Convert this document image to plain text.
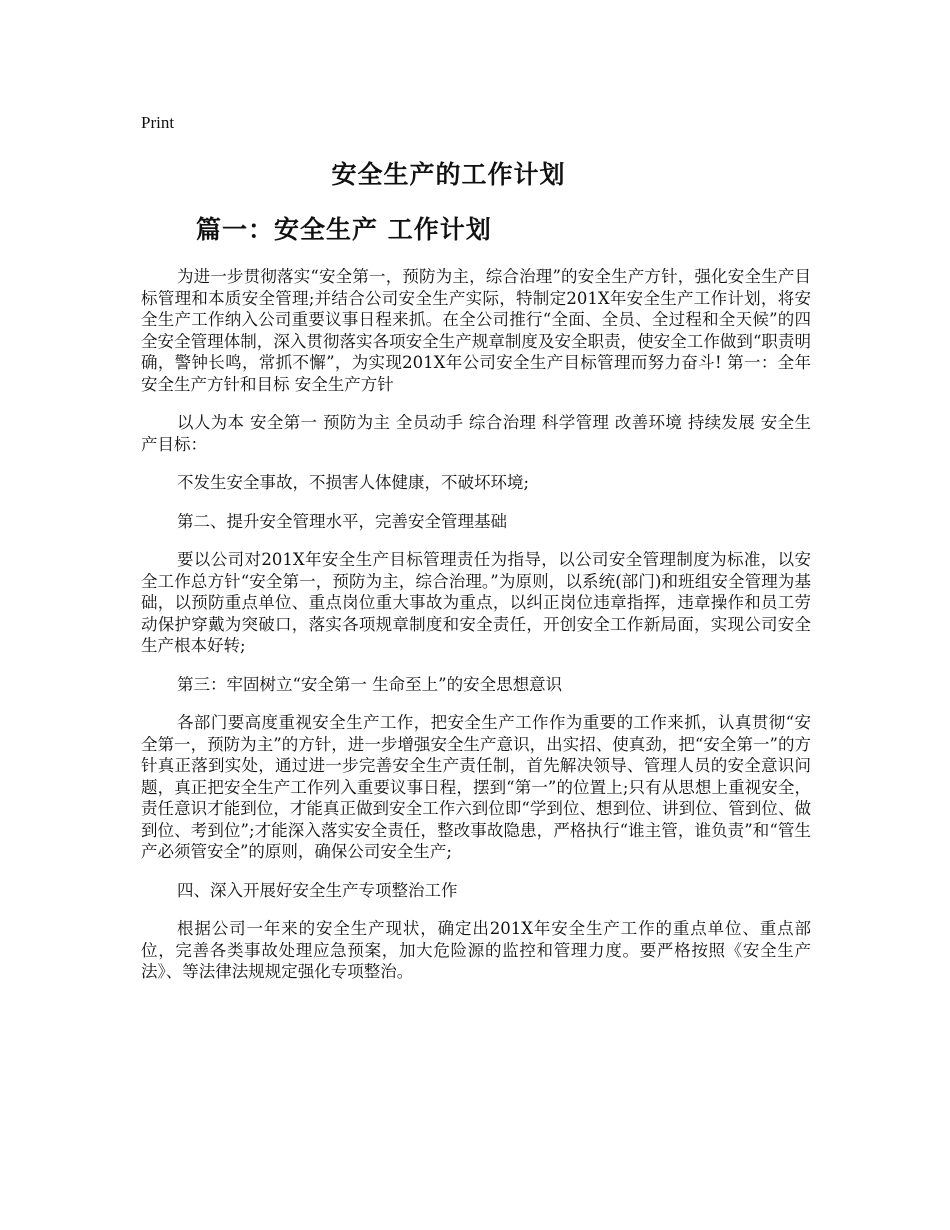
Print
安全生产的工作计划
篇一：安全生产 工作计划

为进一步贯彻落实“安全第一，预防为主，综合治理”的安全生产方针，强化安全生产目标管理和本质安全管理;并结合公司安全生产实际，特制定201X年安全生产工作计划，将安全生产工作纳入公司重要议事日程来抓。在全公司推行“全面、全员、全过程和全天候”的四全安全管理体制，深入贯彻落实各项安全生产规章制度及安全职责，使安全工作做到“职责明确，警钟长鸣，常抓不懈”，为实现201X年公司安全生产目标管理而努力奋斗! 第一：全年安全生产方针和目标 安全生产方针

以人为本 安全第一 预防为主 全员动手 综合治理 科学管理 改善环境 持续发展 安全生产目标：

不发生安全事故，不损害人体健康，不破坏环境;

第二、提升安全管理水平，完善安全管理基础

要以公司对201X年安全生产目标管理责任为指导，以公司安全管理制度为标准，以安全工作总方针“安全第一，预防为主，综合治理。”为原则，以系统(部门)和班组安全管理为基础，以预防重点单位、重点岗位重大事故为重点，以纠正岗位违章指挥，违章操作和员工劳动保护穿戴为突破口，落实各项规章制度和安全责任，开创安全工作新局面，实现公司安全生产根本好转;

第三：牢固树立“安全第一 生命至上”的安全思想意识

各部门要高度重视安全生产工作，把安全生产工作作为重要的工作来抓，认真贯彻“安全第一，预防为主”的方针，进一步增强安全生产意识，出实招、使真劲，把“安全第一”的方针真正落到实处，通过进一步完善安全生产责任制，首先解决领导、管理人员的安全意识问题，真正把安全生产工作列入重要议事日程，摆到“第一”的位置上;只有从思想上重视安全，责任意识才能到位，才能真正做到安全工作六到位即“学到位、想到位、讲到位、管到位、做到位、考到位”;才能深入落实安全责任，整改事故隐患，严格执行“谁主管，谁负责”和“管生产必须管安全”的原则，确保公司安全生产;

四、深入开展好安全生产专项整治工作

根据公司一年来的安全生产现状，确定出201X年安全生产工作的重点单位、重点部位，完善各类事故处理应急预案，加大危险源的监控和管理力度。要严格按照《安全生产法》、等法律法规规定强化专项整治。
